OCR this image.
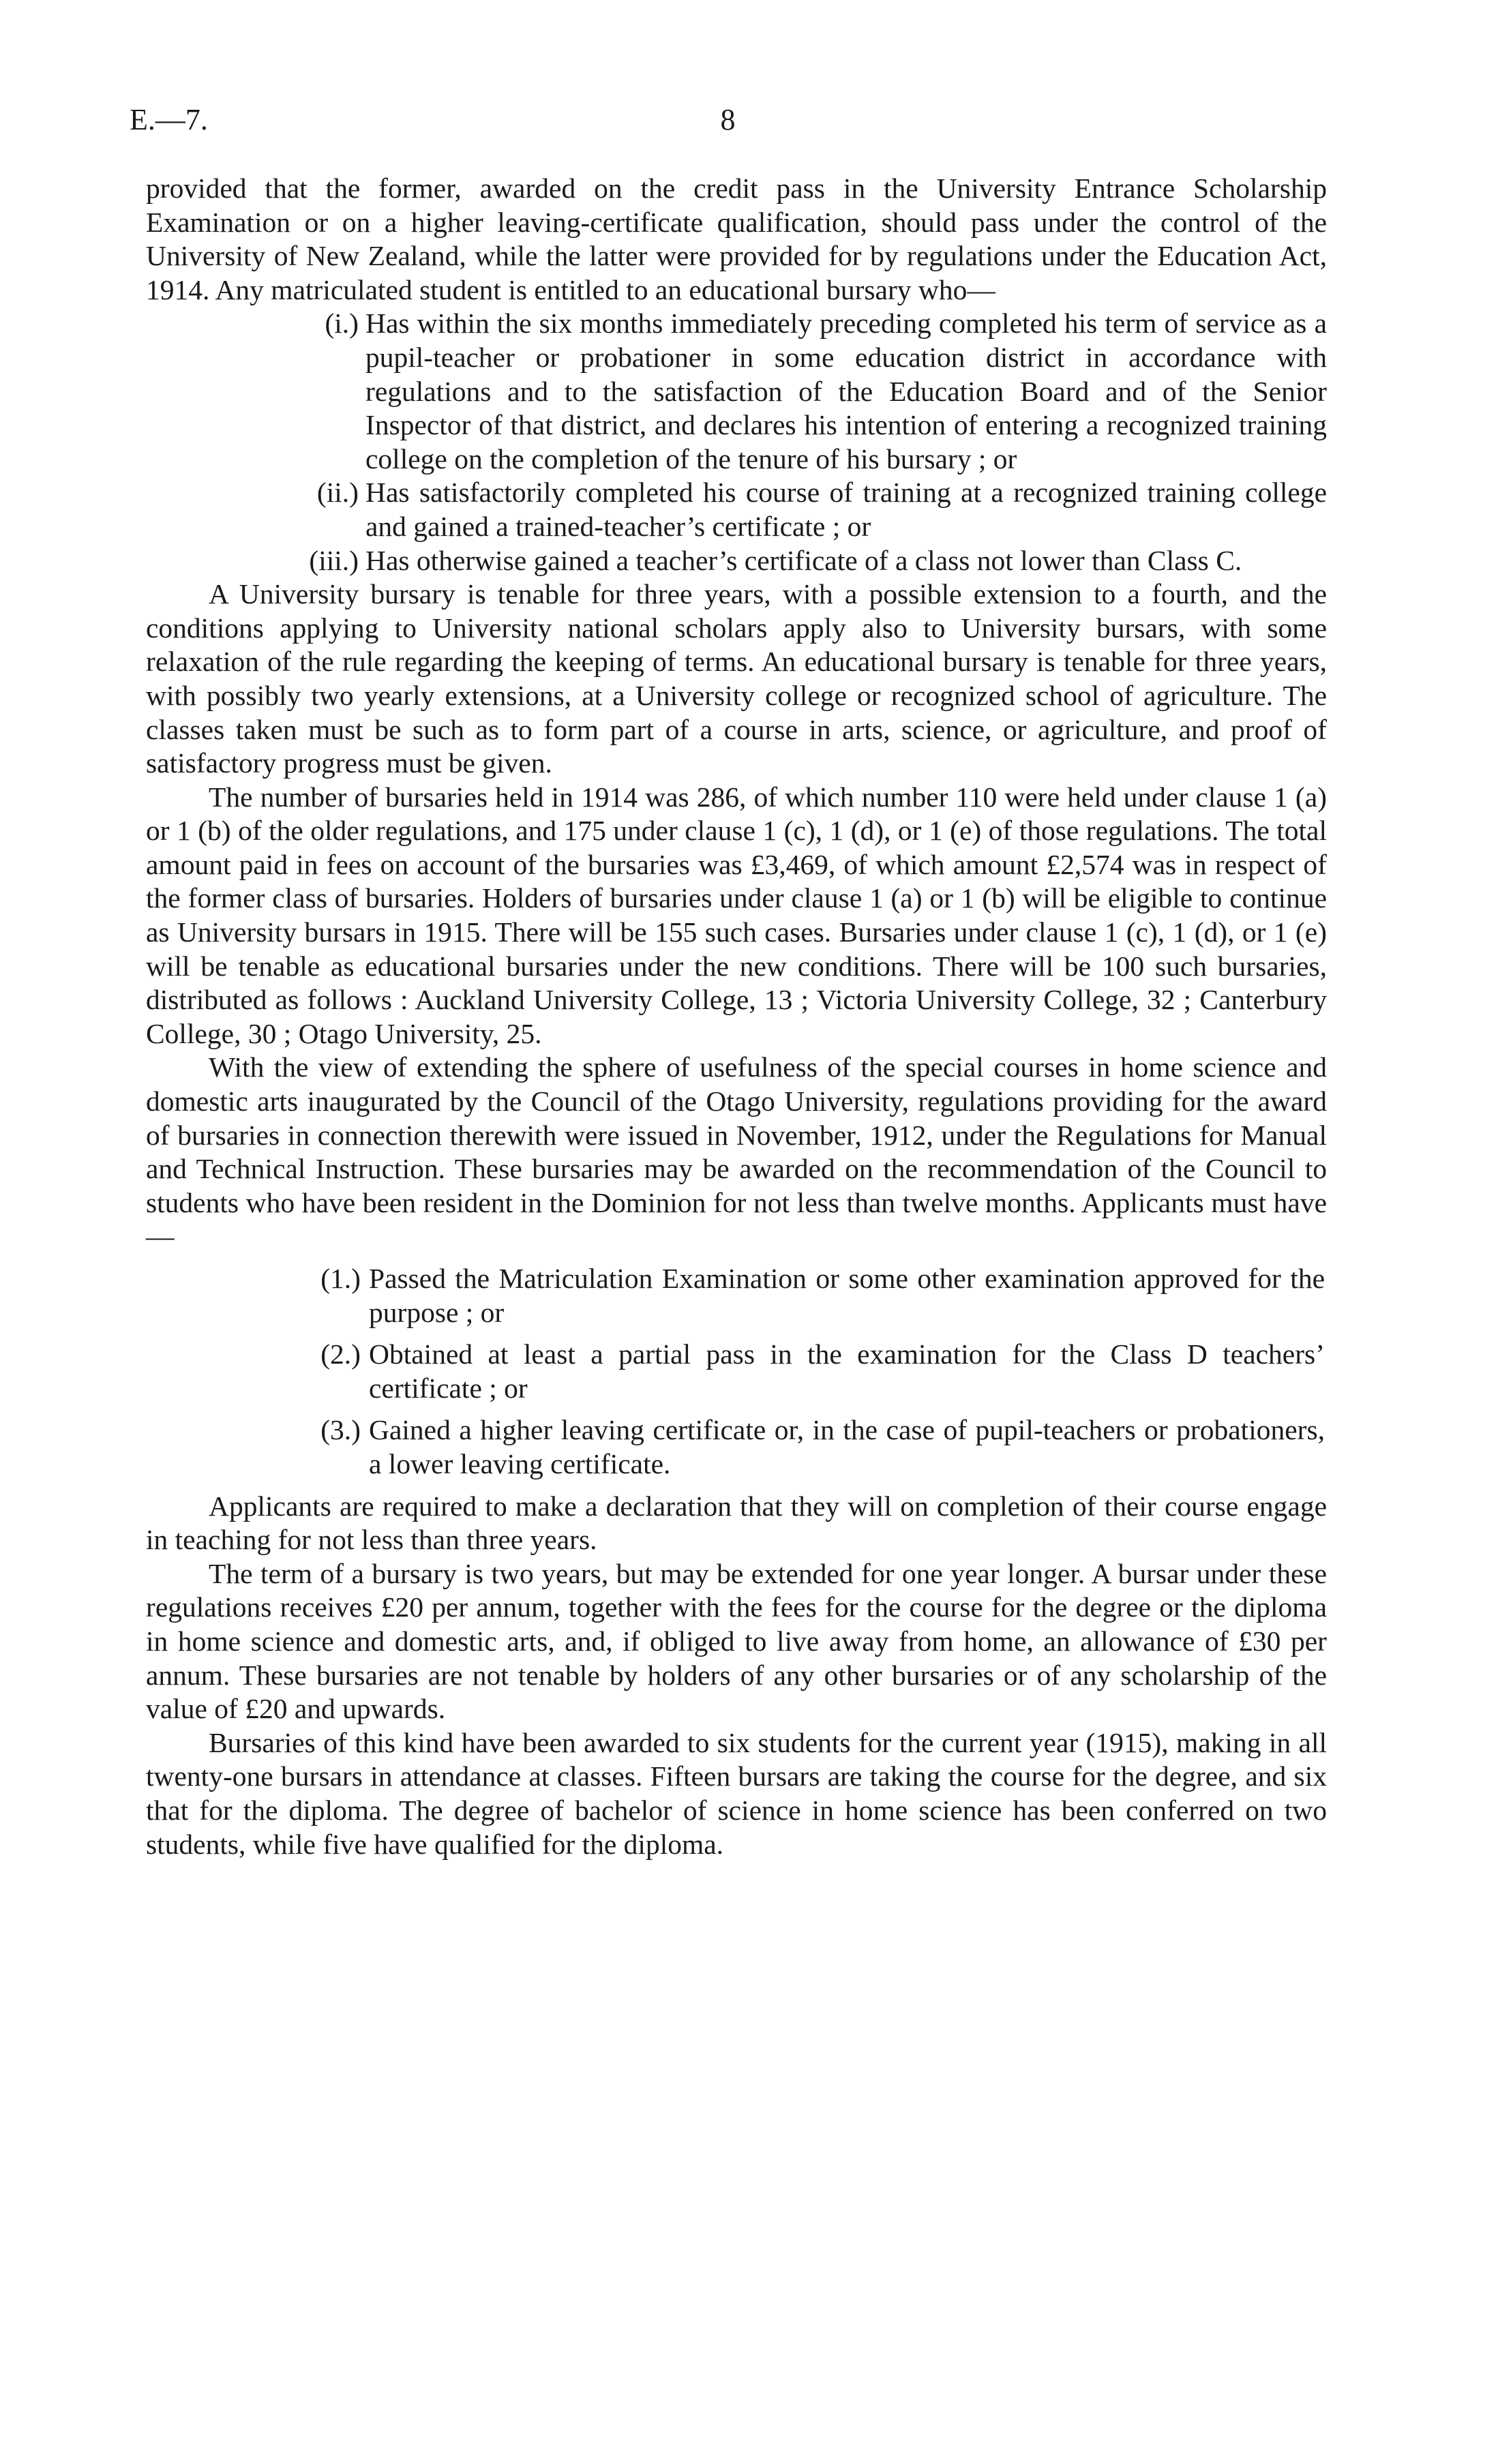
E.—7.	8

provided that the former, awarded on the credit pass in the University Entrance Scholarship Examination or on a higher leaving-certificate qualification, should pass under the control of the University of New Zealand, while the latter were provided for by regulations under the Education Act, 1914. Any matriculated student is entitled to an educational bursary who—

(i.) Has within the six months immediately preceding completed his term of service as a pupil-teacher or probationer in some education district in accordance with regulations and to the satisfaction of the Education Board and of the Senior Inspector of that district, and declares his intention of entering a recognized training college on the completion of the tenure of his bursary ; or
(ii.) Has satisfactorily completed his course of training at a recognized training college and gained a trained-teacher’s certificate ; or
(iii.) Has otherwise gained a teacher’s certificate of a class not lower than Class C.

A University bursary is tenable for three years, with a possible extension to a fourth, and the conditions applying to University national scholars apply also to University bursars, with some relaxation of the rule regarding the keeping of terms. An educational bursary is tenable for three years, with possibly two yearly extensions, at a University college or recognized school of agriculture. The classes taken must be such as to form part of a course in arts, science, or agriculture, and proof of satisfactory progress must be given.

The number of bursaries held in 1914 was 286, of which number 110 were held under clause 1 (a) or 1 (b) of the older regulations, and 175 under clause 1 (c), 1 (d), or 1 (e) of those regulations. The total amount paid in fees on account of the bursaries was £3,469, of which amount £2,574 was in respect of the former class of bursaries. Holders of bursaries under clause 1 (a) or 1 (b) will be eligible to continue as University bursars in 1915. There will be 155 such cases. Bursaries under clause 1 (c), 1 (d), or 1 (e) will be tenable as educational bursaries under the new conditions. There will be 100 such bursaries, distributed as follows : Auckland University College, 13 ; Victoria University College, 32 ; Canterbury College, 30 ; Otago University, 25.

With the view of extending the sphere of usefulness of the special courses in home science and domestic arts inaugurated by the Council of the Otago University, regulations providing for the award of bursaries in connection therewith were issued in November, 1912, under the Regulations for Manual and Technical Instruction. These bursaries may be awarded on the recommendation of the Council to students who have been resident in the Dominion for not less than twelve months. Applicants must have—

(1.) Passed the Matriculation Examination or some other examination approved for the purpose ; or
(2.) Obtained at least a partial pass in the examination for the Class D teachers’ certificate ; or
(3.) Gained a higher leaving certificate or, in the case of pupil-teachers or probationers, a lower leaving certificate.

Applicants are required to make a declaration that they will on completion of their course engage in teaching for not less than three years.

The term of a bursary is two years, but may be extended for one year longer. A bursar under these regulations receives £20 per annum, together with the fees for the course for the degree or the diploma in home science and domestic arts, and, if obliged to live away from home, an allowance of £30 per annum. These bursaries are not tenable by holders of any other bursaries or of any scholarship of the value of £20 and upwards.

Bursaries of this kind have been awarded to six students for the current year (1915), making in all twenty-one bursars in attendance at classes. Fifteen bursars are taking the course for the degree, and six that for the diploma. The degree of bachelor of science in home science has been conferred on two students, while five have qualified for the diploma.
